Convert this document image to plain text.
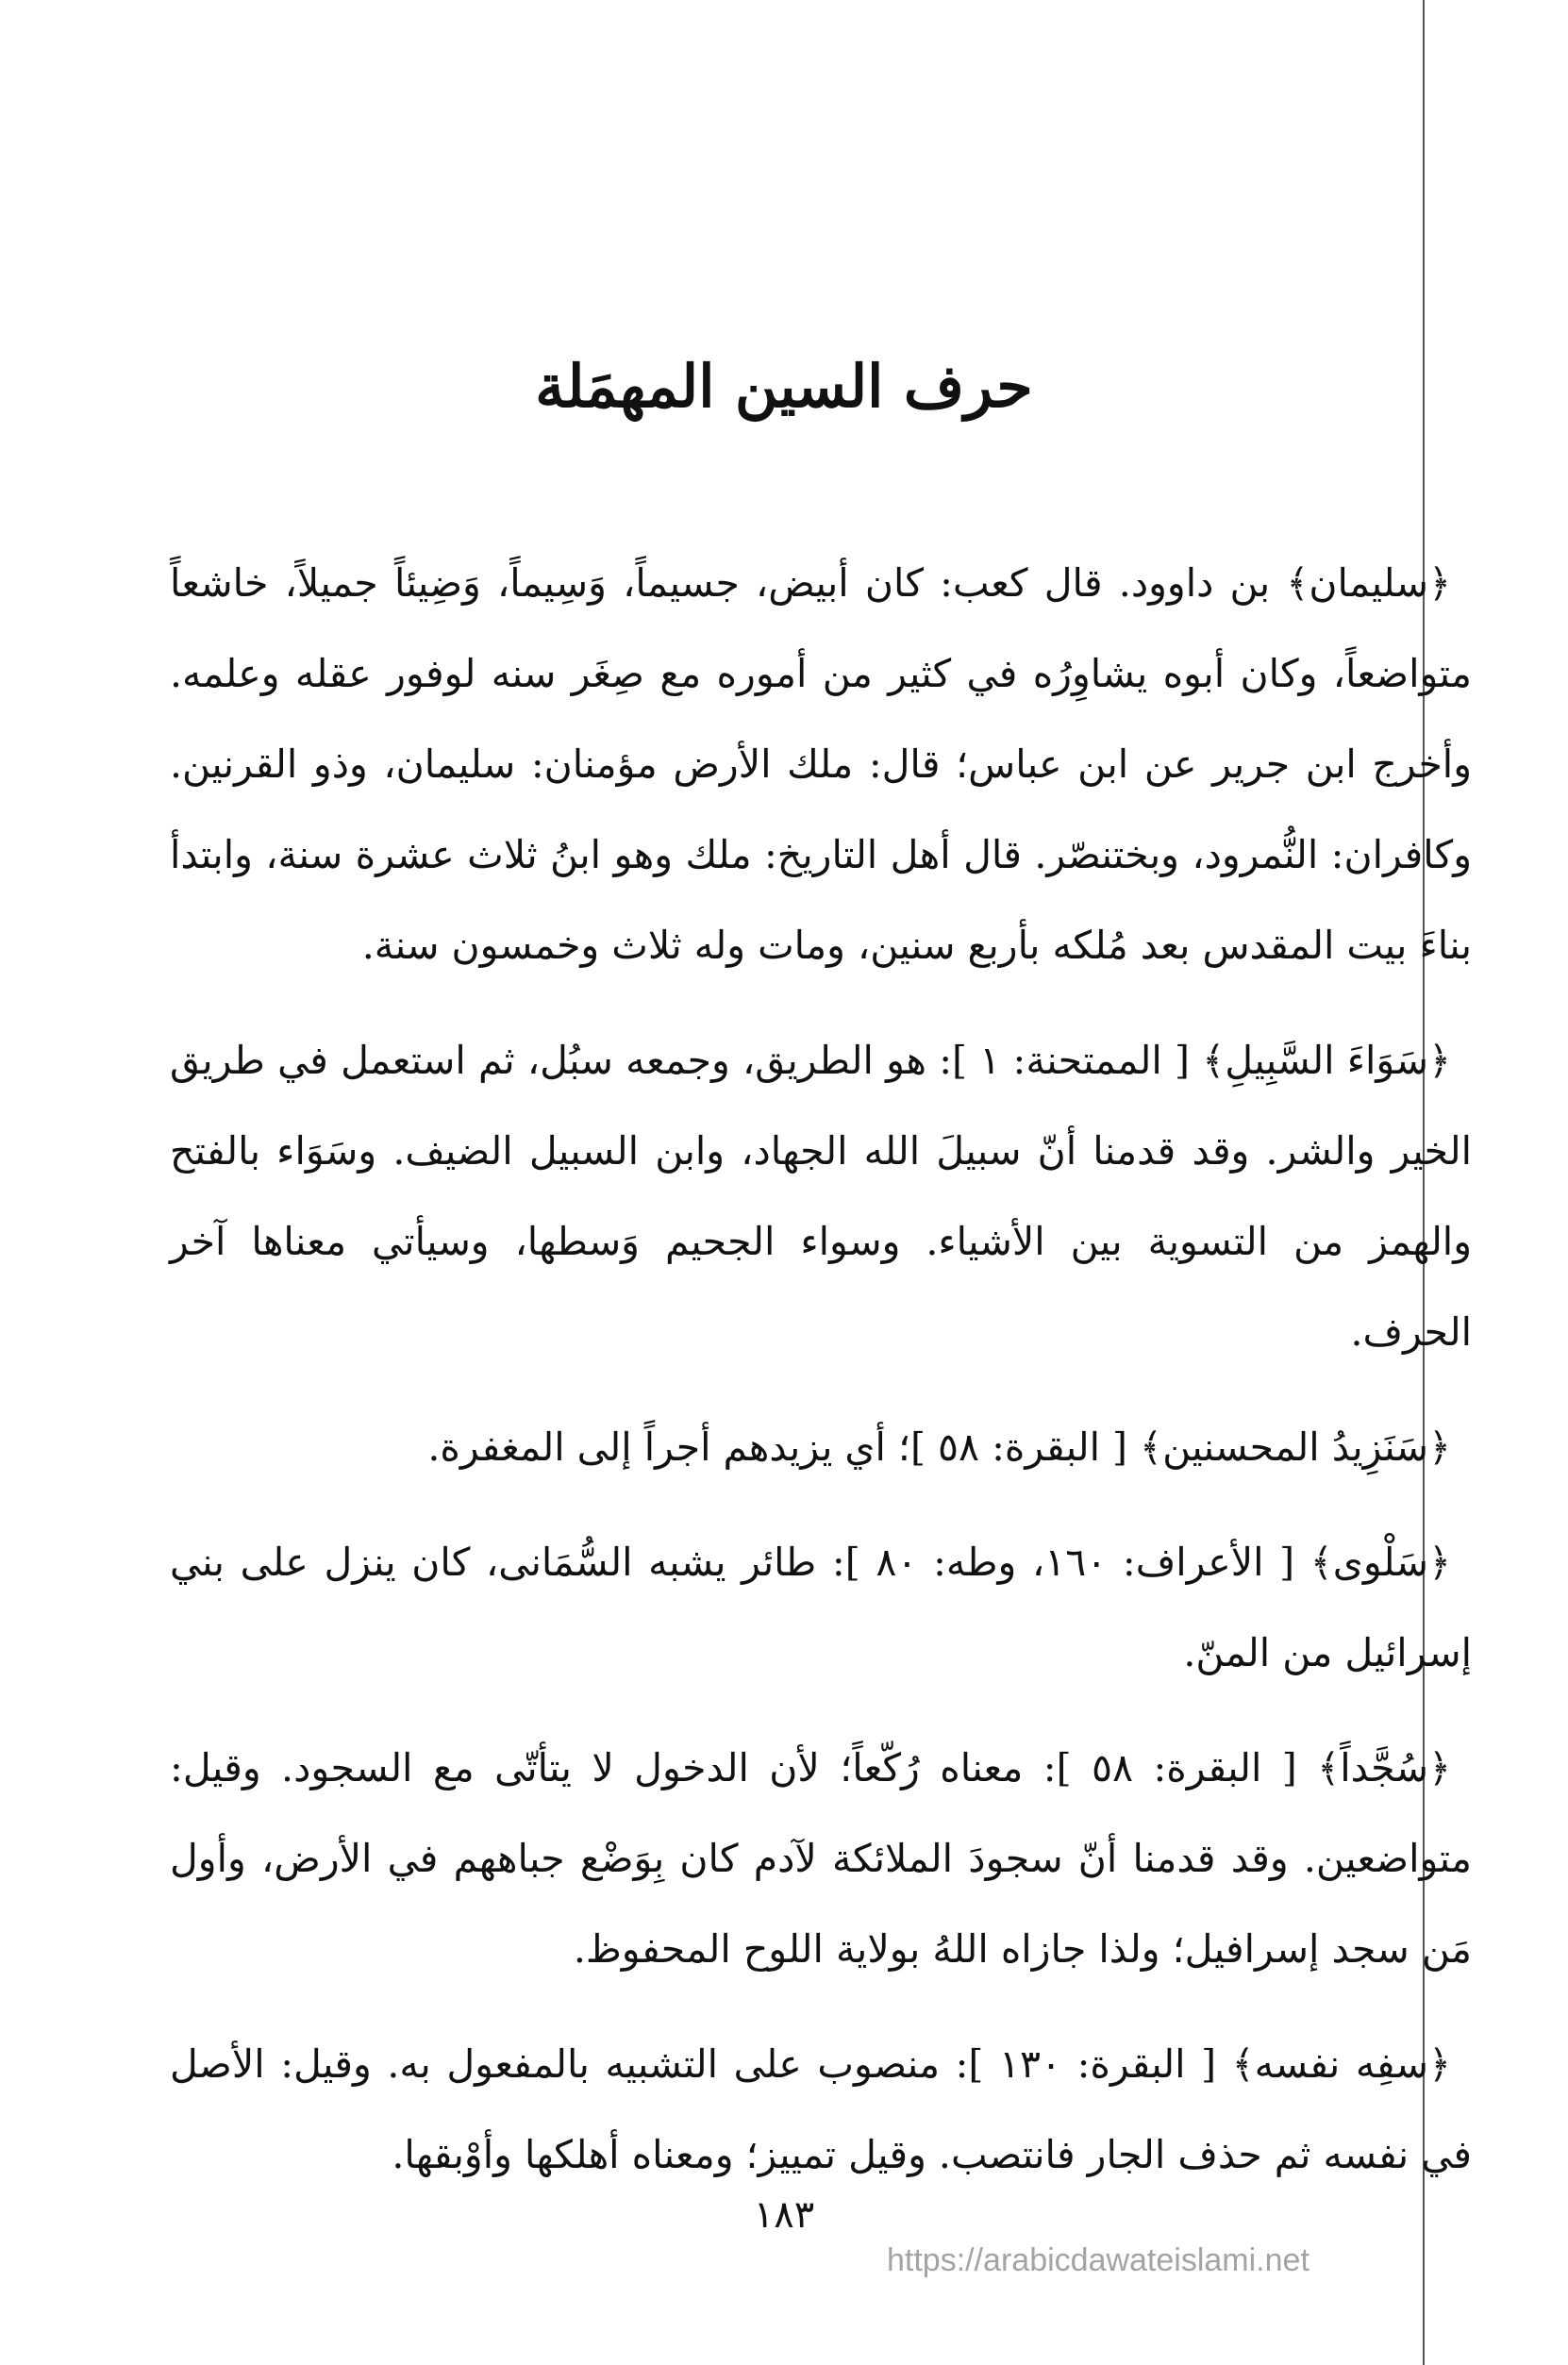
حرف السين المهمَلة

﴿سليمان﴾ بن داوود. قال كعب: كان أبيض، جسيماً، وَسِيماً، وَضِيئاً جميلاً، خاشعاً متواضعاً، وكان أبوه يشاوِرُه في كثير من أموره مع صِغَر سنه لوفور عقله وعلمه. وأخرج ابن جرير عن ابن عباس؛ قال: ملك الأرض مؤمنان: سليمان، وذو القرنين. وكافران: النُّمرود، وبختنصّر. قال أهل التاريخ: ملك وهو ابنُ ثلاث عشرة سنة، وابتدأ بناءَ بيت المقدس بعد مُلكه بأربع سنين، ومات وله ثلاث وخمسون سنة.

﴿سَوَاءَ السَّبِيلِ﴾ [ الممتحنة: ١ ]: هو الطريق، وجمعه سبُل، ثم استعمل في طريق الخير والشر. وقد قدمنا أنّ سبيلَ الله الجهاد، وابن السبيل الضيف. وسَوَاء بالفتح والهمز من التسوية بين الأشياء. وسواء الجحيم وَسطها، وسيأتي معناها آخر الحرف.

﴿سَنَزِيدُ المحسنين﴾ [ البقرة: ٥٨ ]؛ أي يزيدهم أجراً إلى المغفرة.

﴿سَلْوى﴾ [ الأعراف: ١٦٠، وطه: ٨٠ ]: طائر يشبه السُّمَانى، كان ينزل على بني إسرائيل من المنّ.

﴿سُجَّداً﴾ [ البقرة: ٥٨ ]: معناه رُكّعاً؛ لأن الدخول لا يتأتّى مع السجود. وقيل: متواضعين. وقد قدمنا أنّ سجودَ الملائكة لآدم كان بِوَضْع جباههم في الأرض، وأول مَن سجد إسرافيل؛ ولذا جازاه اللهُ بولاية اللوح المحفوظ.

﴿سفِه نفسه﴾ [ البقرة: ١٣٠ ]: منصوب على التشبيه بالمفعول به. وقيل: الأصل في نفسه ثم حذف الجار فانتصب. وقيل تمييز؛ ومعناه أهلكها وأوْبقها.

١٨٣
https://arabicdawateislami.net
